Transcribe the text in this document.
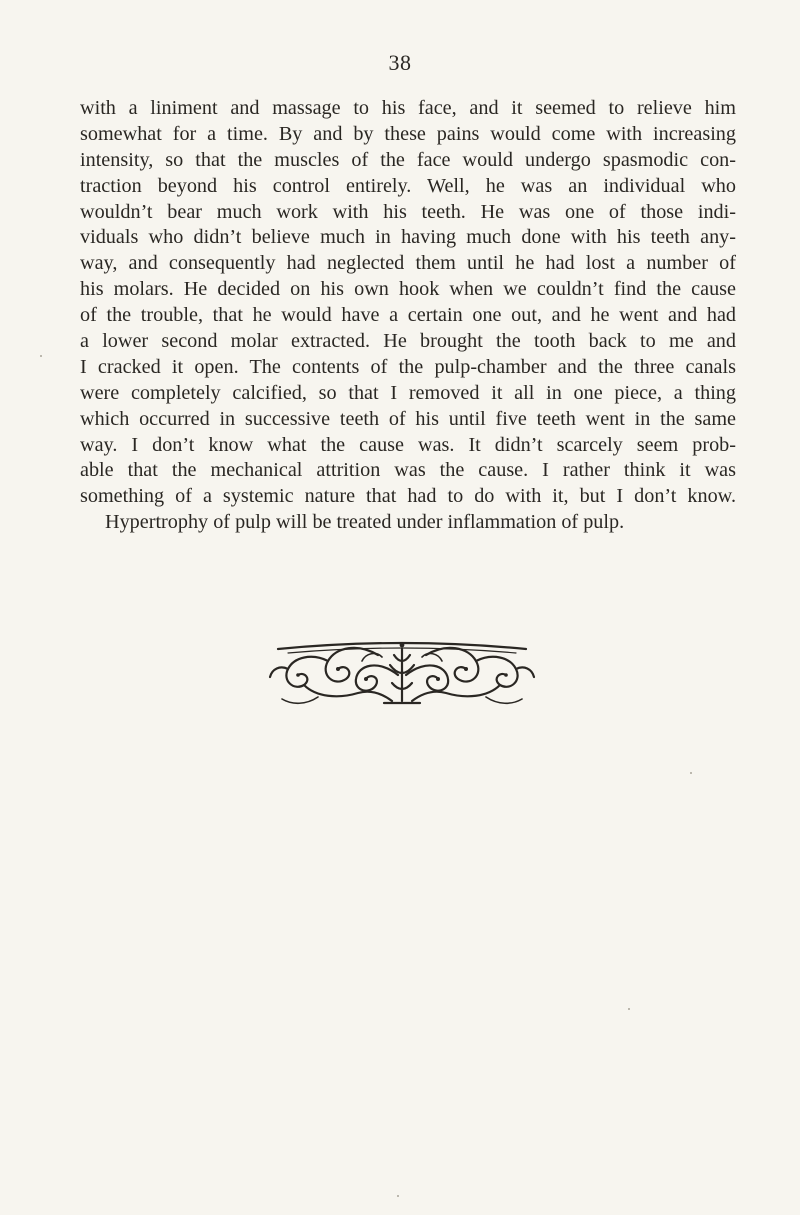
38
with a liniment and massage to his face, and it seemed to relieve him
somewhat for a time. By and by these pains would come with increasing
intensity, so that the muscles of the face would undergo spasmodic con-
traction beyond his control entirely. Well, he was an individual who
wouldn’t bear much work with his teeth. He was one of those indi-
viduals who didn’t believe much in having much done with his teeth any-
way, and consequently had neglected them until he had lost a number of
his molars. He decided on his own hook when we couldn’t find the cause
of the trouble, that he would have a certain one out, and he went and had
a lower second molar extracted. He brought the tooth back to me and
I cracked it open. The contents of the pulp-chamber and the three canals
were completely calcified, so that I removed it all in one piece, a thing
which occurred in successive teeth of his until five teeth went in the same
way. I don’t know what the cause was. It didn’t scarcely seem prob-
able that the mechanical attrition was the cause. I rather think it was
something of a systemic nature that had to do with it, but I don’t know.
Hypertrophy of pulp will be treated under inflammation of pulp.
